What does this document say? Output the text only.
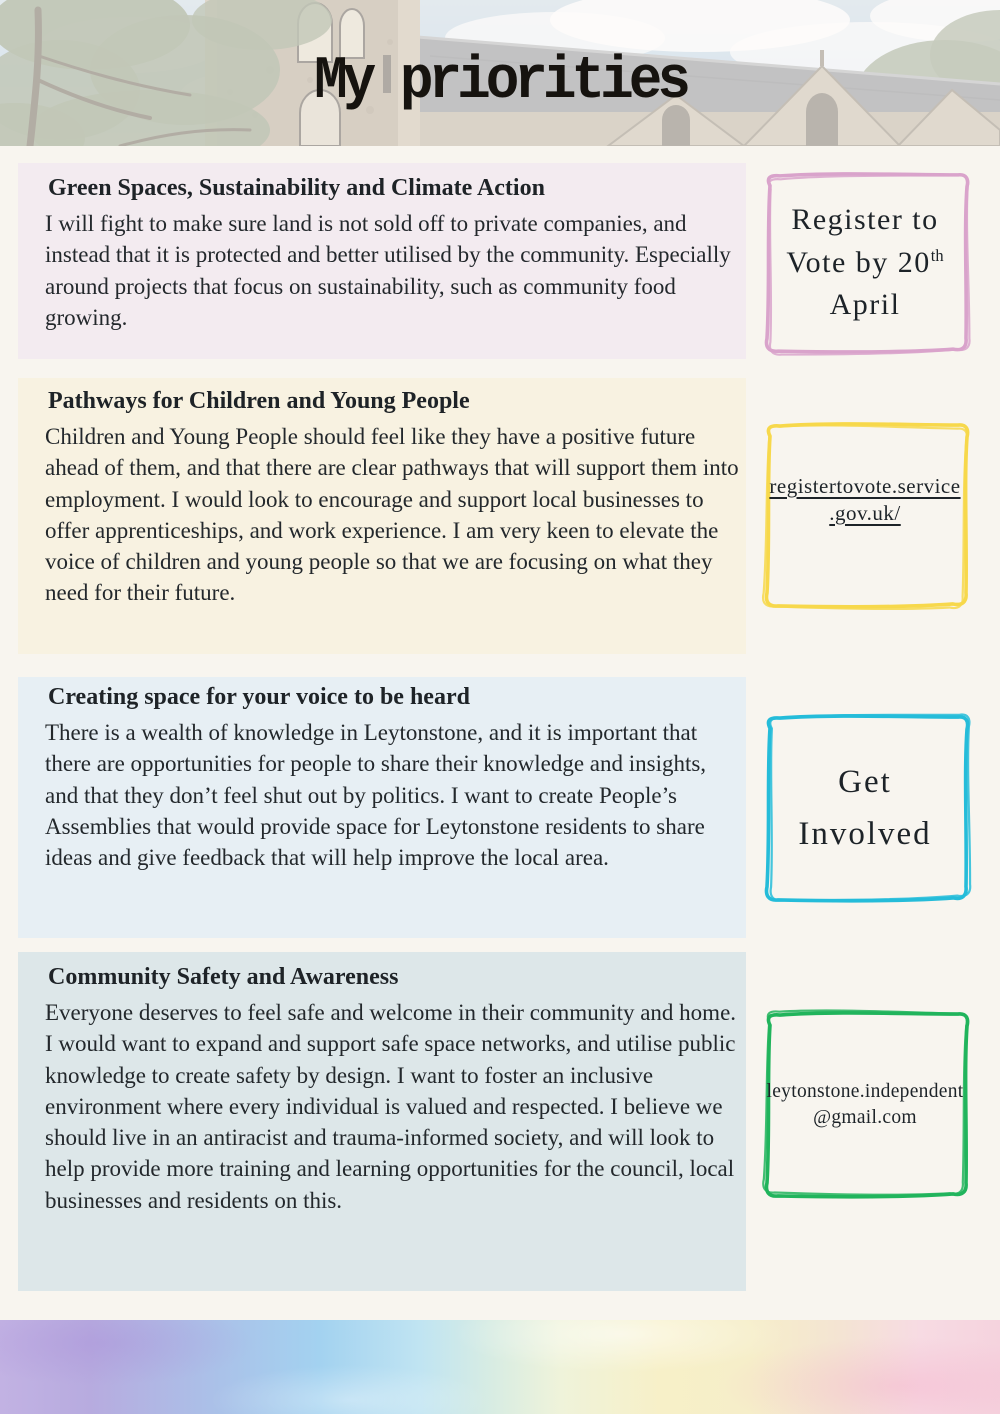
My priorities
Green Spaces, Sustainability and Climate Action

I will fight to make sure land is not sold off to private companies, and instead that it is protected and better utilised by the community. Especially around projects that focus on sustainability, such as community food growing.

Pathways for Children and Young People

Children and Young People should feel like they have a positive future ahead of them, and that there are clear pathways that will support them into employment. I would look to encourage and support local businesses to offer apprenticeships, and work experience. I am very keen to elevate the voice of children and young people so that we are focusing on what they need for their future.

Creating space for your voice to be heard

There is a wealth of knowledge in Leytonstone, and it is important that there are opportunities for people to share their knowledge and insights, and that they don’t feel shut out by politics. I want to create People’s Assemblies that would provide space for Leytonstone residents to share ideas and give feedback that will help improve the local area.

Community Safety and Awareness

Everyone deserves to feel safe and welcome in their community and home. I would want to expand and support safe space networks, and utilise public knowledge to create safety by design. I want to foster an inclusive environment where every individual is valued and respected. I believe we should live in an antiracist and trauma-informed society, and will look to help provide more training and learning opportunities for the council, local businesses and residents on this.

Register to
Vote by 20th
April
registertovote.service
.gov.uk/
Get
Involved
leytonstone.independent
@gmail.com
